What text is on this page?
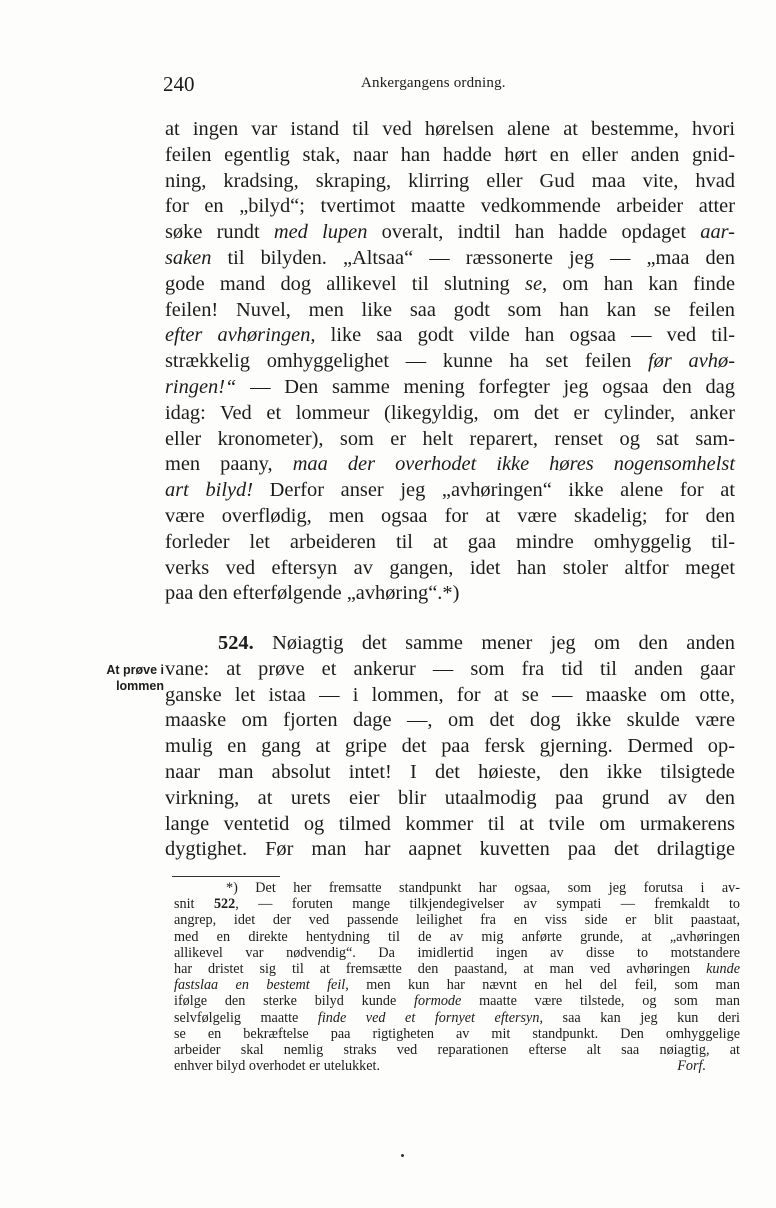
240	Ankergangens ordning.
at ingen var istand til ved hørelsen alene at bestemme, hvori
feilen egentlig stak, naar han hadde hørt en eller anden gnid-
ning, kradsing, skraping, klirring eller Gud maa vite, hvad
for en „bilyd“; tvertimot maatte vedkommende arbeider atter
søke rundt med lupen overalt, indtil han hadde opdaget aar-
saken til bilyden. „Altsaa“ — ræssonerte jeg — „maa den
gode mand dog allikevel til slutning se, om han kan finde
feilen! Nuvel, men like saa godt som han kan se feilen
efter avhøringen, like saa godt vilde han ogsaa — ved til-
strækkelig omhyggelighet — kunne ha set feilen før avhø-
ringen!“ — Den samme mening forfegter jeg ogsaa den dag
idag: Ved et lommeur (likegyldig, om det er cylinder, anker
eller kronometer), som er helt reparert, renset og sat sam-
men paany, maa der overhodet ikke høres nogensomhelst
art bilyd! Derfor anser jeg „avhøringen“ ikke alene for at
være overflødig, men ogsaa for at være skadelig; for den
forleder let arbeideren til at gaa mindre omhyggelig til-
verks ved eftersyn av gangen, idet han stoler altfor meget
paa den efterfølgende „avhøring“.*)
At prøve i
lommen
524. Nøiagtig det samme mener jeg om den anden
vane: at prøve et ankerur — som fra tid til anden gaar
ganske let istaa — i lommen, for at se — maaske om otte,
maaske om fjorten dage —, om det dog ikke skulde være
mulig en gang at gripe det paa fersk gjerning. Dermed op-
naar man absolut intet! I det høieste, den ikke tilsigtede
virkning, at urets eier blir utaalmodig paa grund av den
lange ventetid og tilmed kommer til at tvile om urmakerens
dygtighet. Før man har aapnet kuvetten paa det drilagtige
*) Det her fremsatte standpunkt har ogsaa, som jeg forutsa i av-
snit 522, — foruten mange tilkjendegivelser av sympati — fremkaldt to
angrep, idet der ved passende leilighet fra en viss side er blit paastaat,
med en direkte hentydning til de av mig anførte grunde, at „avhøringen
allikevel var nødvendig“. Da imidlertid ingen av disse to motstandere
har dristet sig til at fremsætte den paastand, at man ved avhøringen kunde
fastslaa en bestemt feil, men kun har nævnt en hel del feil, som man
ifølge den sterke bilyd kunde formode maatte være tilstede, og som man
selvfølgelig maatte finde ved et fornyet eftersyn, saa kan jeg kun deri
se en bekræftelse paa rigtigheten av mit standpunkt. Den omhyggelige
arbeider skal nemlig straks ved reparationen efterse alt saa nøiagtig, at
enhver bilyd overhodet er utelukket.	Forf.
